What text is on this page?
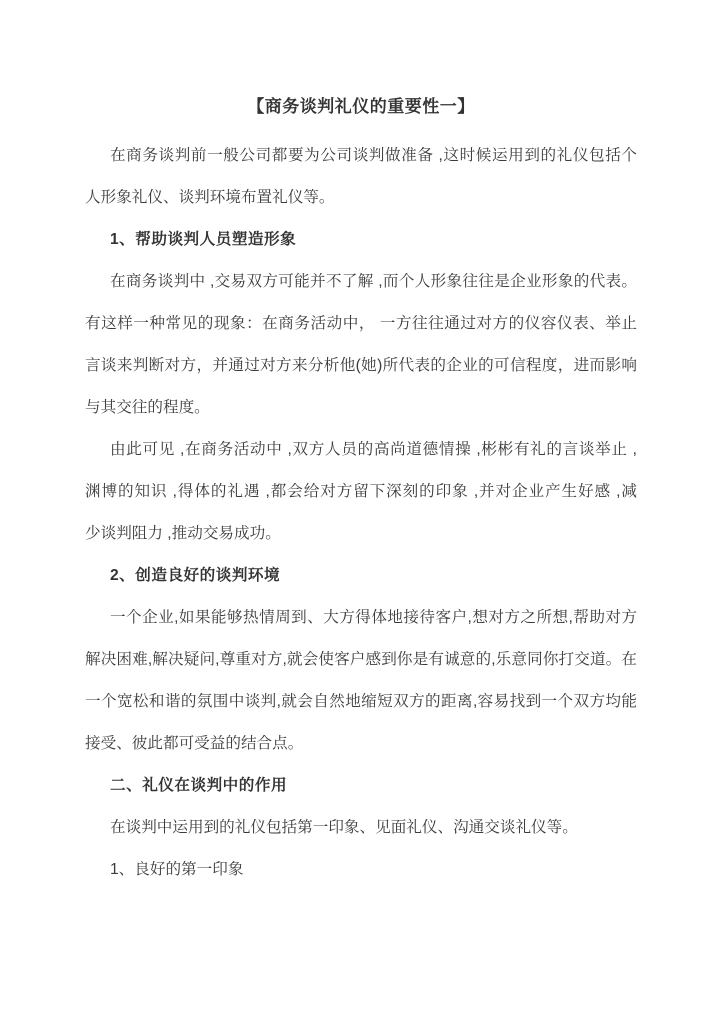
【商务谈判礼仪的重要性一】
在商务谈判前一般公司都要为公司谈判做准备 ,这时候运用到的礼仪包括个
人形象礼仪、谈判环境布置礼仪等。
1、帮助谈判人员塑造形象
在商务谈判中 ,交易双方可能并不了解 ,而个人形象往往是企业形象的代表。
有这样一种常见的现象：在商务活动中， 一方往往通过对方的仪容仪表、举止
言谈来判断对方，并通过对方来分析他(她)所代表的企业的可信程度，进而影响
与其交往的程度。
由此可见 ,在商务活动中 ,双方人员的高尚道德情操 ,彬彬有礼的言谈举止 ,
渊博的知识 ,得体的礼遇 ,都会给对方留下深刻的印象 ,并对企业产生好感 ,减
少谈判阻力 ,推动交易成功。
2、创造良好的谈判环境
一个企业,如果能够热情周到、大方得体地接待客户,想对方之所想,帮助对方
解决困难,解决疑问,尊重对方,就会使客户感到你是有诚意的,乐意同你打交道。在
一个宽松和谐的氛围中谈判,就会自然地缩短双方的距离,容易找到一个双方均能
接受、彼此都可受益的结合点。
二、礼仪在谈判中的作用
在谈判中运用到的礼仪包括第一印象、见面礼仪、沟通交谈礼仪等。
1、良好的第一印象
